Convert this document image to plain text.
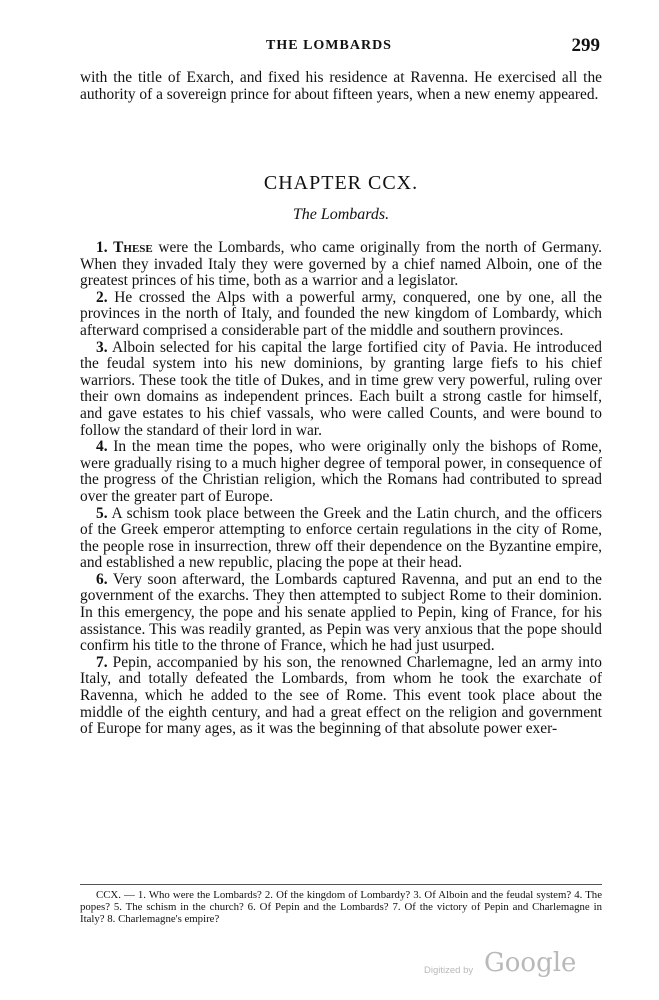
THE LOMBARDS	299

with the title of Exarch, and fixed his residence at Ravenna. He exercised all the authority of a sovereign prince for about fifteen years, when a new enemy appeared.

CHAPTER CCX.
The Lombards.

1. These were the Lombards, who came originally from the north of Germany. When they invaded Italy they were governed by a chief named Alboin, one of the greatest princes of his time, both as a warrior and a legislator.

2. He crossed the Alps with a powerful army, conquered, one by one, all the provinces in the north of Italy, and founded the new kingdom of Lombardy, which afterward comprised a considerable part of the middle and southern provinces.

3. Alboin selected for his capital the large fortified city of Pavia. He introduced the feudal system into his new dominions, by granting large fiefs to his chief warriors. These took the title of Dukes, and in time grew very powerful, ruling over their own domains as independent princes. Each built a strong castle for himself, and gave estates to his chief vassals, who were called Counts, and were bound to follow the standard of their lord in war.

4. In the mean time the popes, who were originally only the bishops of Rome, were gradually rising to a much higher degree of temporal power, in consequence of the progress of the Christian religion, which the Romans had contributed to spread over the greater part of Europe.

5. A schism took place between the Greek and the Latin church, and the officers of the Greek emperor attempting to enforce certain regulations in the city of Rome, the people rose in insurrection, threw off their dependence on the Byzantine empire, and established a new republic, placing the pope at their head.

6. Very soon afterward, the Lombards captured Ravenna, and put an end to the government of the exarchs. They then attempted to subject Rome to their dominion. In this emergency, the pope and his senate applied to Pepin, king of France, for his assistance. This was readily granted, as Pepin was very anxious that the pope should confirm his title to the throne of France, which he had just usurped.

7. Pepin, accompanied by his son, the renowned Charlemagne, led an army into Italy, and totally defeated the Lombards, from whom he took the exarchate of Ravenna, which he added to the see of Rome. This event took place about the middle of the eighth century, and had a great effect on the religion and government of Europe for many ages, as it was the beginning of that absolute power exer-

CCX. — 1. Who were the Lombards? 2. Of the kingdom of Lombardy? 3. Of Alboin and the feudal system? 4. The popes? 5. The schism in the church? 6. Of Pepin and the Lombards? 7. Of the victory of Pepin and Charlemagne in Italy? 8. Charlemagne's empire?

Digitized by Google
